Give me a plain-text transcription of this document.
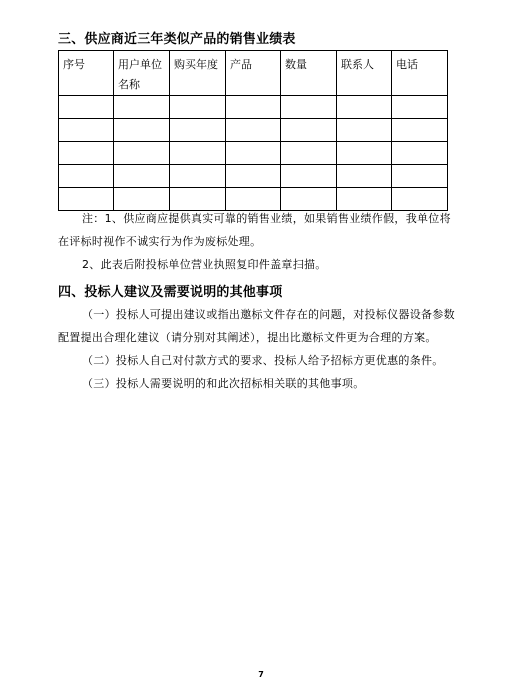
三、供应商近三年类似产品的销售业绩表
序号	用户单位名称	购买年度	产品	数量	联系人	电话

注：1、供应商应提供真实可靠的销售业绩，如果销售业绩作假，我单位将
在评标时视作不诚实行为作为废标处理。
2、此表后附投标单位营业执照复印件盖章扫描。
四、投标人建议及需要说明的其他事项
（一）投标人可提出建议或指出邀标文件存在的问题，对投标仪器设备参数
配置提出合理化建议（请分别对其阐述），提出比邀标文件更为合理的方案。
（二）投标人自己对付款方式的要求、投标人给予招标方更优惠的条件。
（三）投标人需要说明的和此次招标相关联的其他事项。
7
